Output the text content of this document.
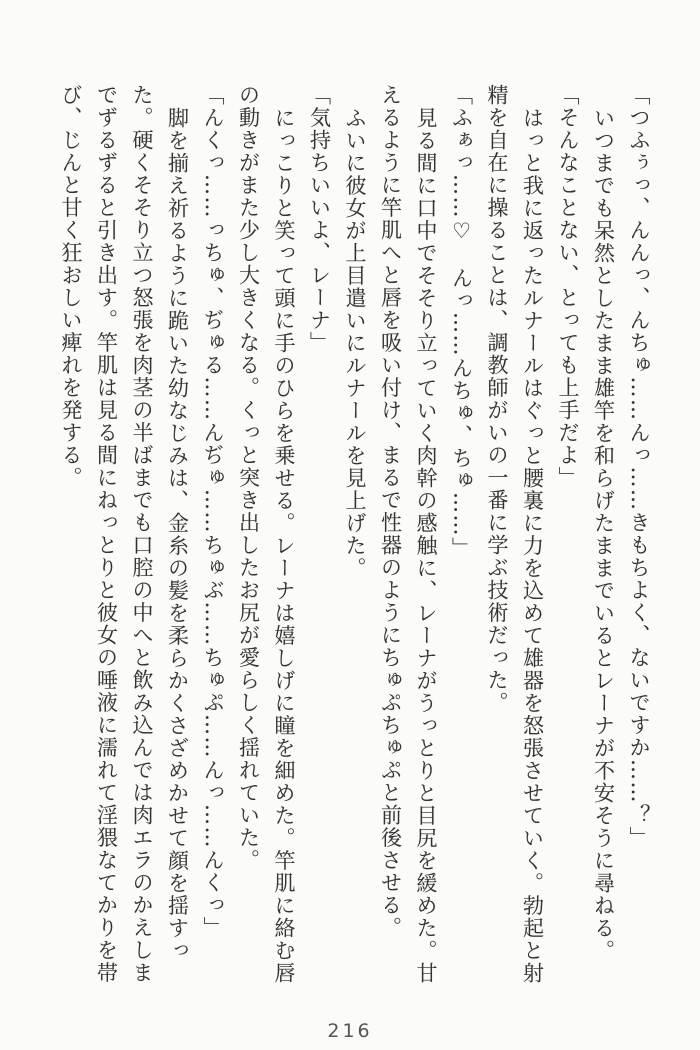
「つふぅっ、んんっ、んちゅ……んっ……きもちよく、ないですか……？」

いつまでも呆然としたまま雄竿を和らげたままでいるとレーナが不安そうに尋ねる。

「そんなことない、とっても上手だよ」

はっと我に返ったルナールはぐっと腰裏に力を込めて雄器を怒張させていく。勃起と射精を自在に操ることは、調教師がいの一番に学ぶ技術だった。

「ふぁっ……♡　んっ……んちゅ、ちゅ……」

見る間に口中でそそり立っていく肉幹の感触に、レーナがうっとりと目尻を緩めた。甘えるように竿肌へと唇を吸い付け、まるで性器のようにちゅぷちゅぷと前後させる。

ふいに彼女が上目遣いにルナールを見上げた。

「気持ちいいよ、レーナ」

にっこりと笑って頭に手のひらを乗せる。レーナは嬉しげに瞳を細めた。竿肌に絡む唇の動きがまた少し大きくなる。くっと突き出したお尻が愛らしく揺れていた。

「んくっ……っちゅ、ぢゅる……んぢゅ……ちゅぶ……ちゅぷ……んっ……んくっ」

脚を揃え祈るように跪いた幼なじみは、金糸の髪を柔らかくさざめかせて顔を揺すった。硬くそそり立つ怒張を肉茎の半ばまでも口腔の中へと飲み込んでは肉エラのかえしまでずるずると引き出す。竿肌は見る間にねっとりと彼女の唾液に濡れて淫猥なてかりを帯び、じんと甘く狂おしい痺れを発する。

216
